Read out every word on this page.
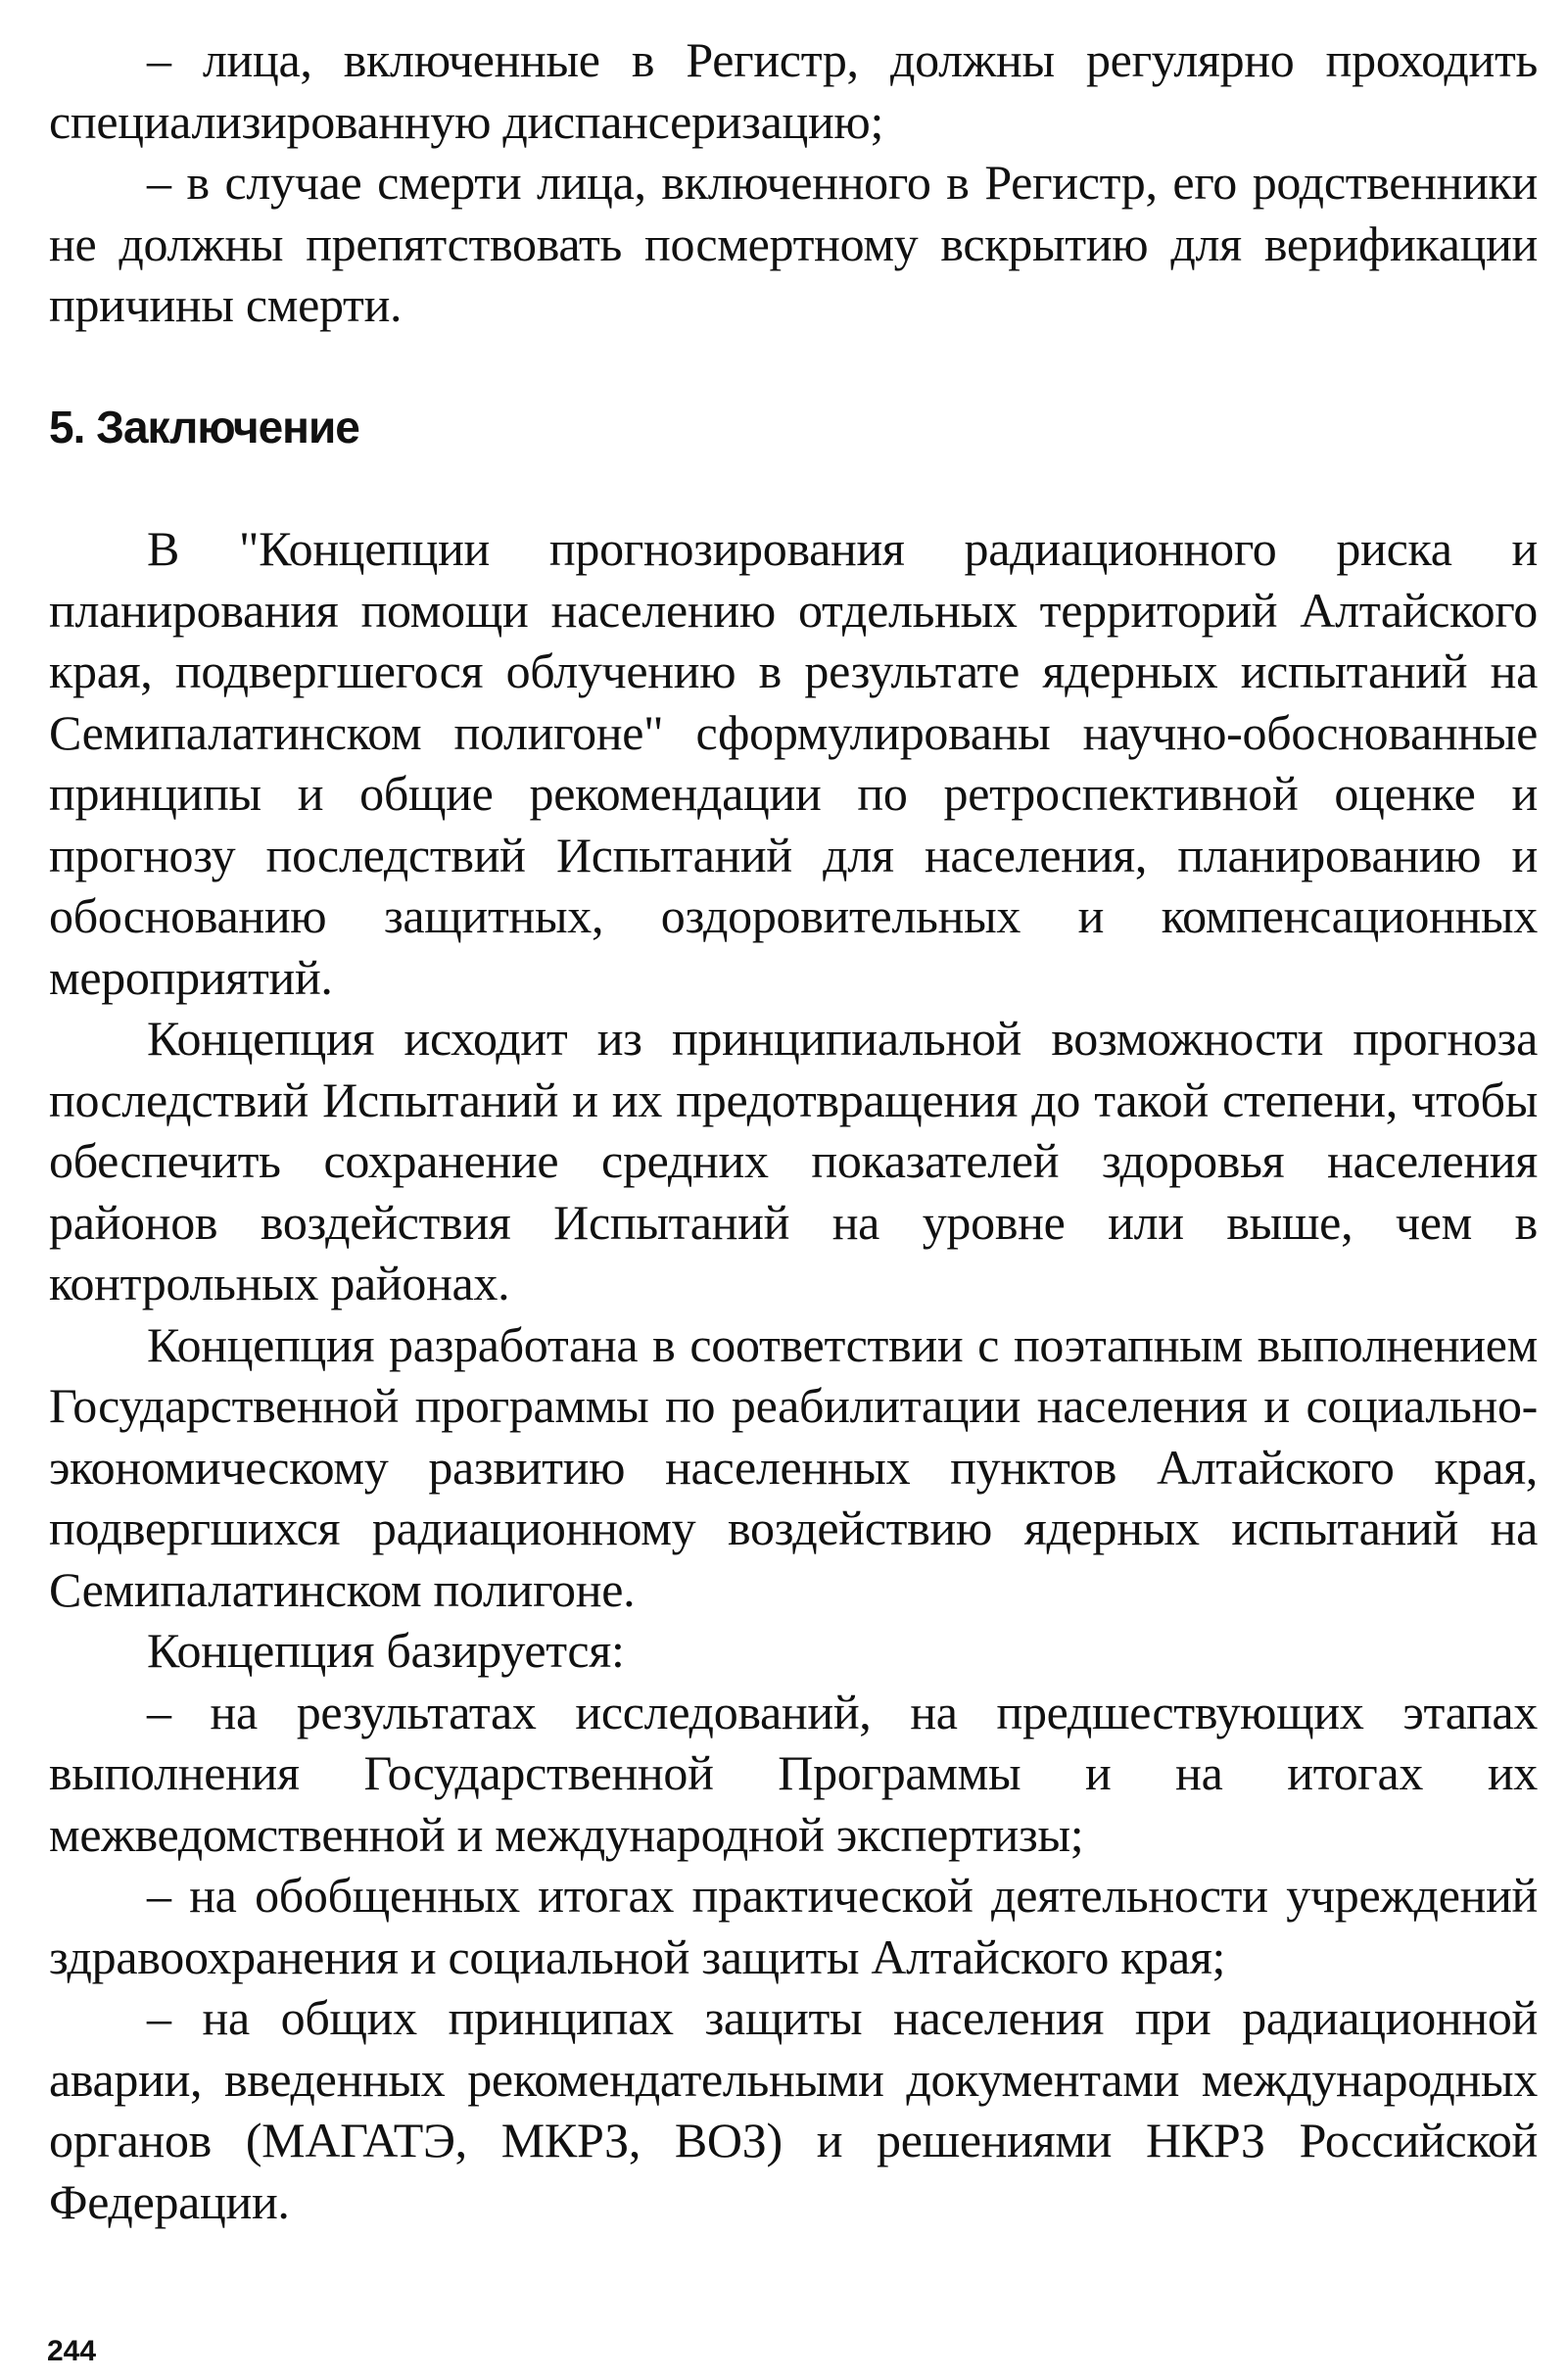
– лица, включенные в Регистр, должны регулярно проходить специализированную диспансеризацию;

– в случае смерти лица, включенного в Регистр, его родственники не должны препятствовать посмертному вскрытию для верификации причины смерти.

5. Заключение

В "Концепции прогнозирования радиационного риска и планирования помощи населению отдельных территорий Алтайского края, подвергшегося облучению в результате ядерных испытаний на Семипалатинском полигоне" сформулированы научно-обоснованные принципы и общие рекомендации по ретроспективной оценке и прогнозу последствий Испытаний для населения, планированию и обоснованию защитных, оздоровительных и компенсационных мероприятий.

Концепция исходит из принципиальной возможности прогноза последствий Испытаний и их предотвращения до такой степени, чтобы обеспечить сохранение средних показателей здоровья населения районов воздействия Испытаний на уровне или выше, чем в контрольных районах.

Концепция разработана в соответствии с поэтапным выполнением Государственной программы по реабилитации населения и социально-экономическому развитию населенных пунктов Алтайского края, подвергшихся радиационному воздействию ядерных испытаний на Семипалатинском полигоне.

Концепция базируется:

– на результатах исследований, на предшествующих этапах выполнения Государственной Программы и на итогах их межведомственной и международной экспертизы;

– на обобщенных итогах практической деятельности учреждений здравоохранения и социальной защиты Алтайского края;

– на общих принципах защиты населения при радиационной аварии, введенных рекомендательными документами международных органов (МАГАТЭ, МКРЗ, ВОЗ) и решениями НКРЗ Российской Федерации.

244
